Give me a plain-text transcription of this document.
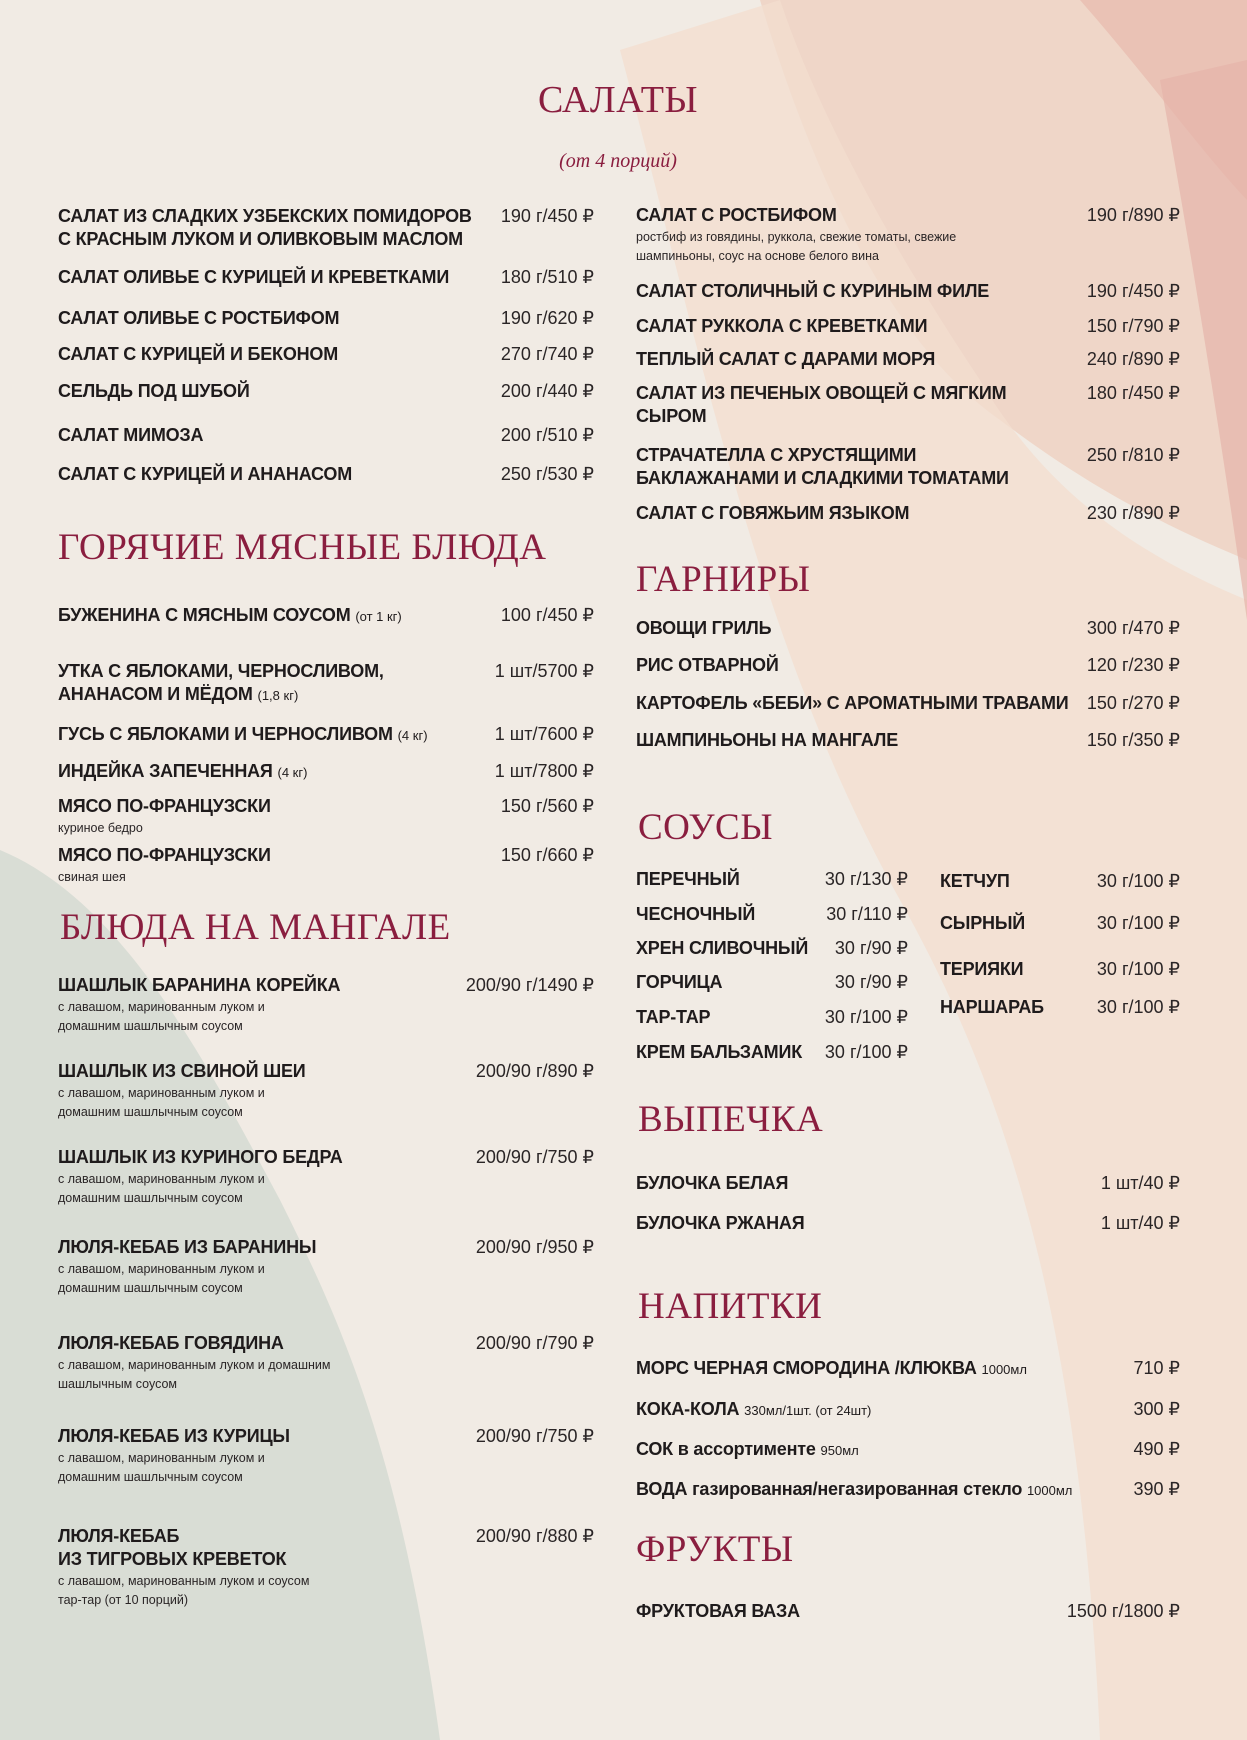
САЛАТЫ
(от 4 порций)
САЛАТ ИЗ СЛАДКИХ УЗБЕКСКИХ ПОМИДОРОВ
С КРАСНЫМ ЛУКОМ И ОЛИВКОВЫМ МАСЛОМ
190 г/450 ₽
САЛАТ ОЛИВЬЕ С КУРИЦЕЙ И КРЕВЕТКАМИ	180 г/510 ₽
САЛАТ ОЛИВЬЕ С РОСТБИФОМ	190 г/620 ₽
САЛАТ С КУРИЦЕЙ И БЕКОНОМ	270 г/740 ₽
СЕЛЬДЬ ПОД ШУБОЙ	200 г/440 ₽
САЛАТ МИМОЗА	200 г/510 ₽
САЛАТ С КУРИЦЕЙ И АНАНАСОМ	250 г/530 ₽
САЛАТ С РОСТБИФОМ
ростбиф из говядины, руккола, свежие томаты, свежие
шампиньоны, соус на основе белого вина
190 г/890 ₽
САЛАТ СТОЛИЧНЫЙ С КУРИНЫМ ФИЛЕ	190 г/450 ₽
САЛАТ РУККОЛА С КРЕВЕТКАМИ	150 г/790 ₽
ТЕПЛЫЙ САЛАТ С ДАРАМИ МОРЯ	240 г/890 ₽
САЛАТ ИЗ ПЕЧЕНЫХ ОВОЩЕЙ С МЯГКИМ
СЫРОМ
180 г/450 ₽
СТРАЧАТЕЛЛА С ХРУСТЯЩИМИ
БАКЛАЖАНАМИ И СЛАДКИМИ ТОМАТАМИ
250 г/810 ₽
САЛАТ С ГОВЯЖЬИМ ЯЗЫКОМ	230 г/890 ₽
ГОРЯЧИЕ МЯСНЫЕ БЛЮДА
БУЖЕНИНА С МЯСНЫМ СОУСОМ (от 1 кг)	100 г/450 ₽
УТКА С ЯБЛОКАМИ, ЧЕРНОСЛИВОМ,
АНАНАСОМ И МЁДОМ (1,8 кг)
1 шт/5700 ₽
ГУСЬ С ЯБЛОКАМИ И ЧЕРНОСЛИВОМ (4 кг)	1 шт/7600 ₽
ИНДЕЙКА ЗАПЕЧЕННАЯ (4 кг)	1 шт/7800 ₽
МЯСО ПО-ФРАНЦУЗСКИ
куриное бедро
150 г/560 ₽
МЯСО ПО-ФРАНЦУЗСКИ
свиная шея
150 г/660 ₽
БЛЮДА НА МАНГАЛЕ
ШАШЛЫК БАРАНИНА КОРЕЙКА
с лавашом, маринованным луком и
домашним шашлычным соусом
200/90 г/1490 ₽
ШАШЛЫК ИЗ СВИНОЙ ШЕИ
с лавашом, маринованным луком и
домашним шашлычным соусом
200/90 г/890 ₽
ШАШЛЫК ИЗ КУРИНОГО БЕДРА
с лавашом, маринованным луком и
домашним шашлычным соусом
200/90 г/750 ₽
ЛЮЛЯ-КЕБАБ ИЗ БАРАНИНЫ
с лавашом, маринованным луком и
домашним шашлычным соусом
200/90 г/950 ₽
ЛЮЛЯ-КЕБАБ ГОВЯДИНА
с лавашом, маринованным луком и домашним
шашлычным соусом
200/90 г/790 ₽
ЛЮЛЯ-КЕБАБ ИЗ КУРИЦЫ
с лавашом, маринованным луком и
домашним шашлычным соусом
200/90 г/750 ₽
ЛЮЛЯ-КЕБАБ
ИЗ ТИГРОВЫХ КРЕВЕТОК
с лавашом, маринованным луком и соусом
тар-тар (от 10 порций)
200/90 г/880 ₽
ГАРНИРЫ
ОВОЩИ ГРИЛЬ	300 г/470 ₽
РИС ОТВАРНОЙ	120 г/230 ₽
КАРТОФЕЛЬ «БЕБИ» С АРОМАТНЫМИ ТРАВАМИ	150 г/270 ₽
ШАМПИНЬОНЫ НА МАНГАЛЕ	150 г/350 ₽
СОУСЫ
ПЕРЕЧНЫЙ	30 г/130 ₽
ЧЕСНОЧНЫЙ	30 г/110 ₽
ХРЕН СЛИВОЧНЫЙ	30 г/90 ₽
ГОРЧИЦА	30 г/90 ₽
ТАР-ТАР	30 г/100 ₽
КРЕМ БАЛЬЗАМИК	30 г/100 ₽
КЕТЧУП	30 г/100 ₽
СЫРНЫЙ	30 г/100 ₽
ТЕРИЯКИ	30 г/100 ₽
НАРШАРАБ	30 г/100 ₽
ВЫПЕЧКА
БУЛОЧКА БЕЛАЯ	1 шт/40 ₽
БУЛОЧКА РЖАНАЯ	1 шт/40 ₽
НАПИТКИ
МОРС ЧЕРНАЯ СМОРОДИНА /КЛЮКВА 1000мл	710 ₽
КОКА-КОЛА 330мл/1шт. (от 24шт)	300 ₽
СОК в ассортименте 950мл	490 ₽
ВОДА газированная/негазированная стекло 1000мл	390 ₽
ФРУКТЫ
ФРУКТОВАЯ ВАЗА	1500 г/1800 ₽
